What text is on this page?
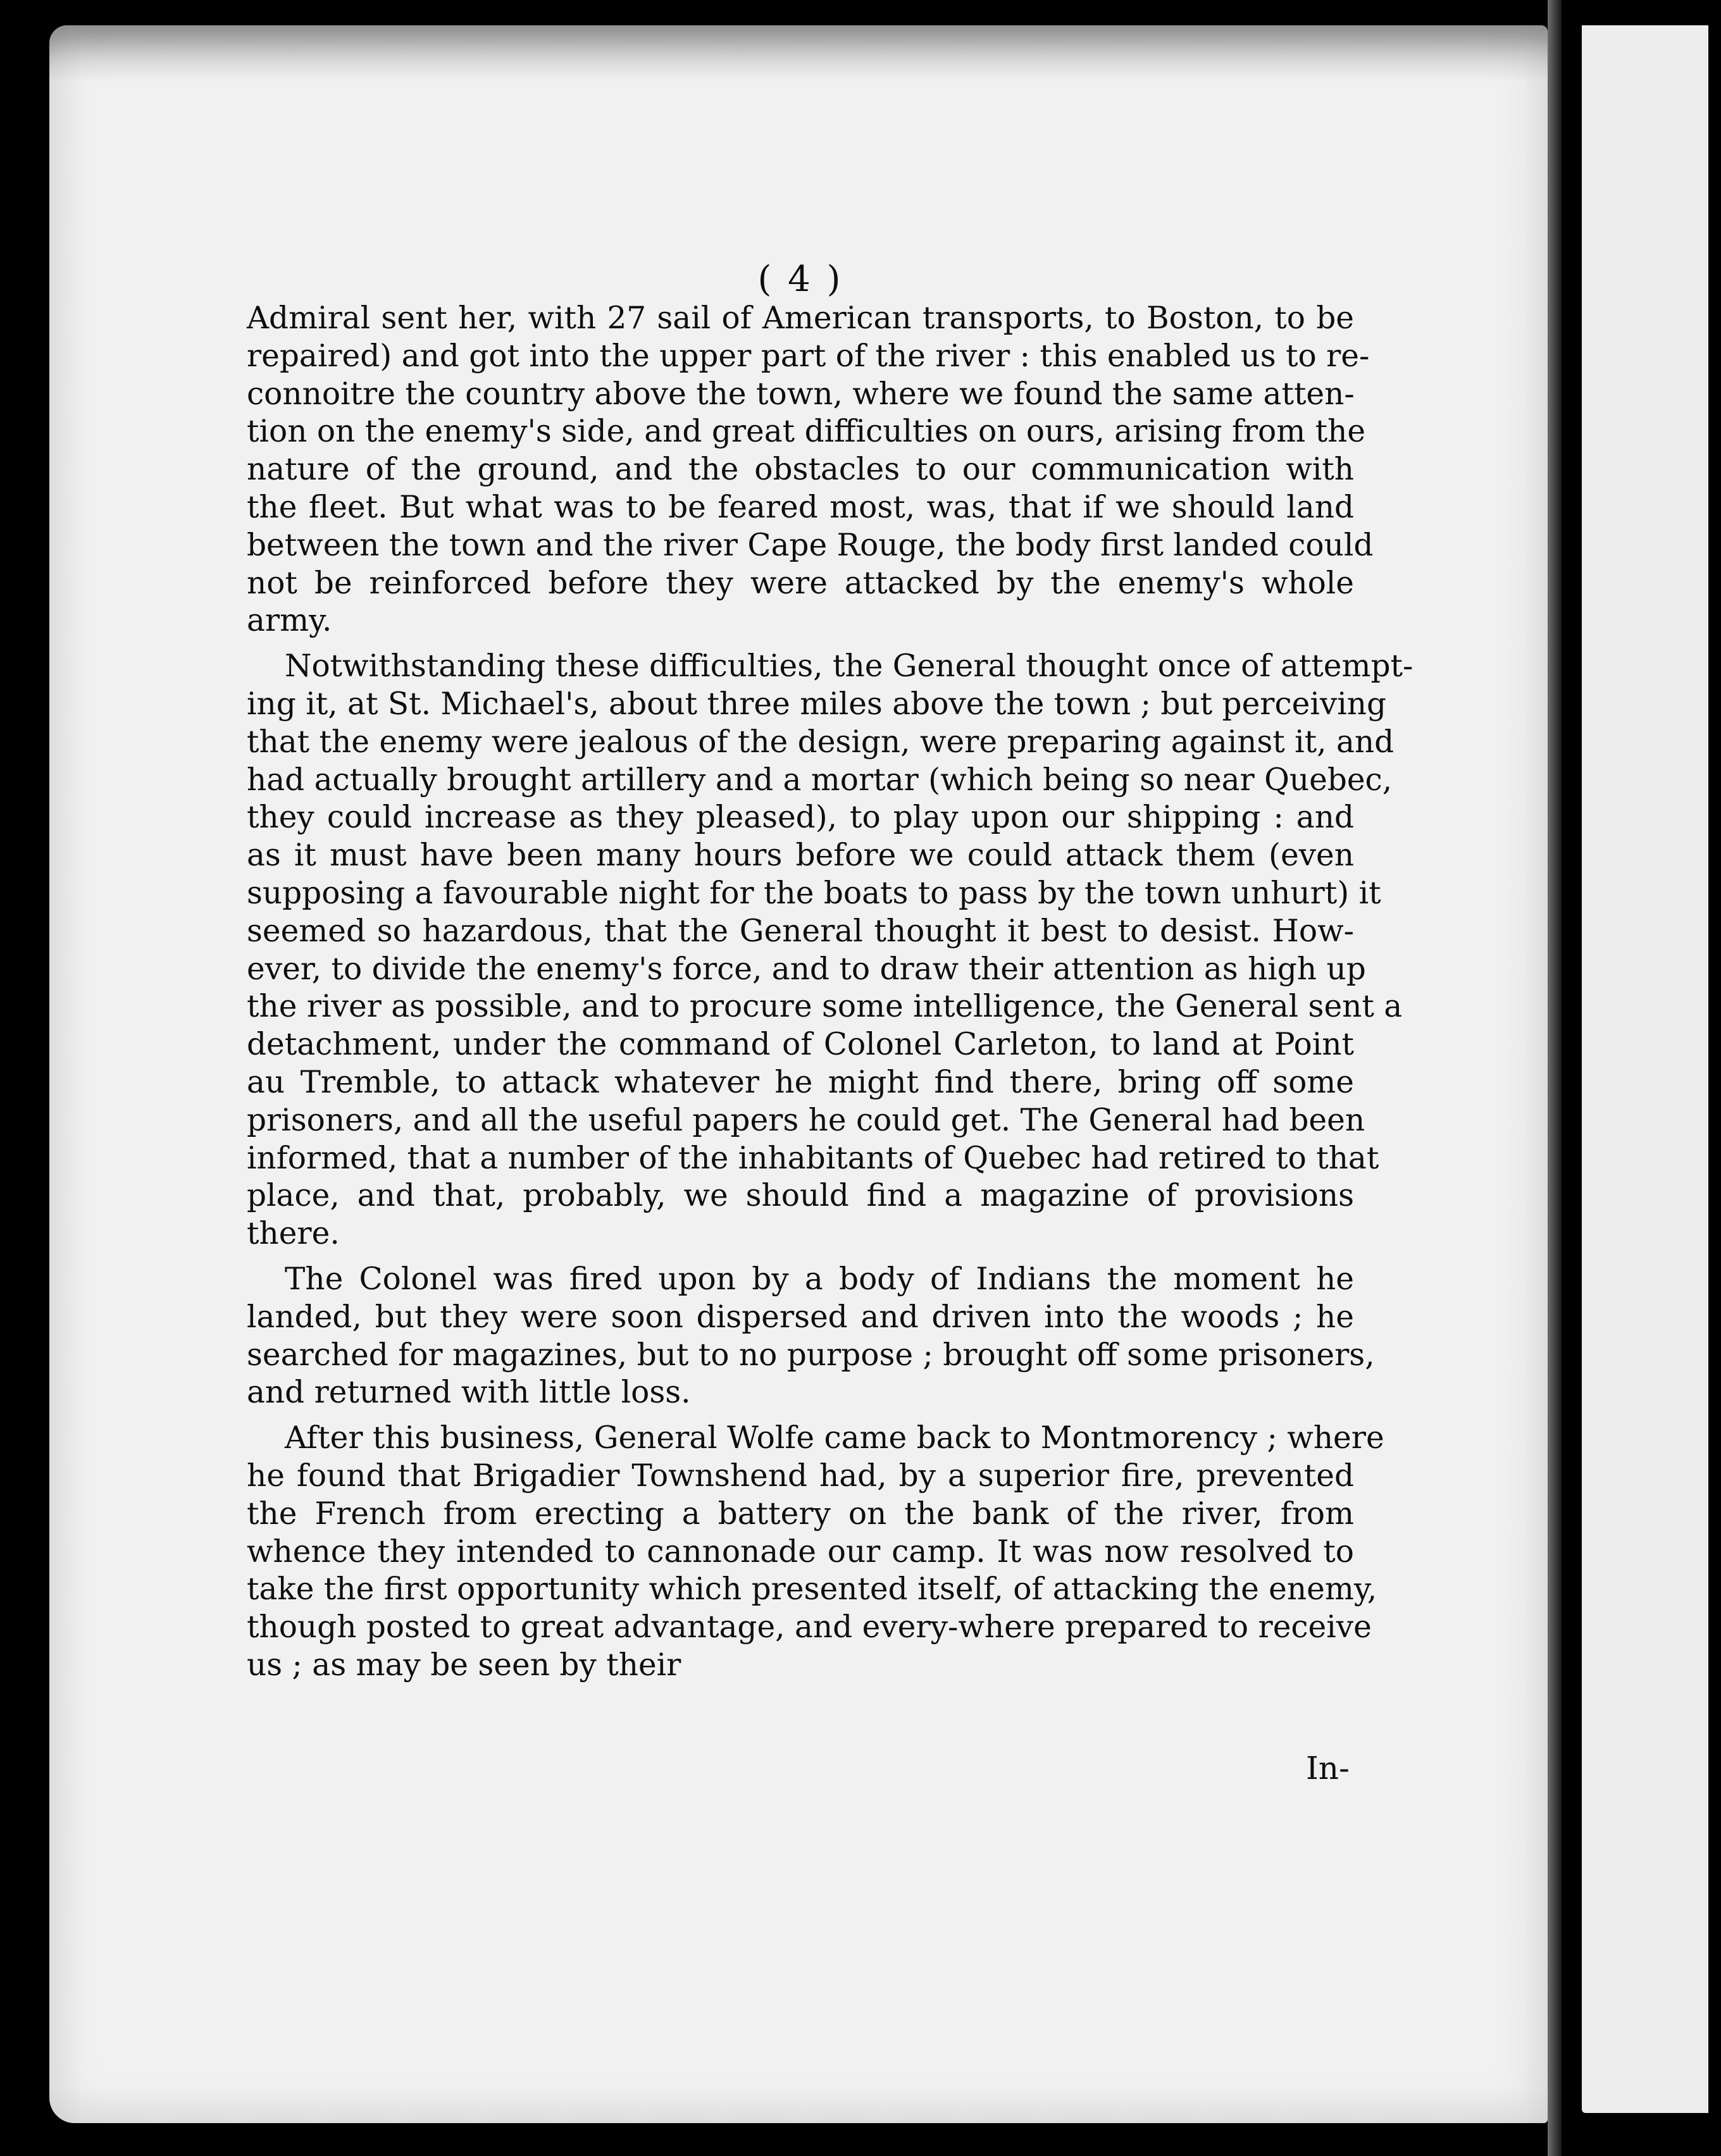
( 4 )
Admiral sent her, with 27 sail of American transports, to Boston, to be
repaired) and got into the upper part of the river : this enabled us to re-
connoitre the country above the town, where we found the same atten-
tion on the enemy's side, and great difficulties on ours, arising from the
nature of the ground, and the obstacles to our communication with
the fleet. But what was to be feared most, was, that if we should land
between the town and the river Cape Rouge, the body first landed could
not be reinforced before they were attacked by the enemy's whole
army.
Notwithstanding these difficulties, the General thought once of attempt-
ing it, at St. Michael's, about three miles above the town ; but perceiving
that the enemy were jealous of the design, were preparing against it, and
had actually brought artillery and a mortar (which being so near Quebec,
they could increase as they pleased), to play upon our shipping : and
as it must have been many hours before we could attack them (even
supposing a favourable night for the boats to pass by the town unhurt) it
seemed so hazardous, that the General thought it best to desist. How-
ever, to divide the enemy's force, and to draw their attention as high up
the river as possible, and to procure some intelligence, the General sent a
detachment, under the command of Colonel Carleton, to land at Point
au Tremble, to attack whatever he might find there, bring off some
prisoners, and all the useful papers he could get. The General had been
informed, that a number of the inhabitants of Quebec had retired to that
place, and that, probably, we should find a magazine of provisions
there.
The Colonel was fired upon by a body of Indians the moment he
landed, but they were soon dispersed and driven into the woods ; he
searched for magazines, but to no purpose ; brought off some prisoners,
and returned with little loss.
After this business, General Wolfe came back to Montmorency ; where
he found that Brigadier Townshend had, by a superior fire, prevented
the French from erecting a battery on the bank of the river, from
whence they intended to cannonade our camp. It was now resolved to
take the first opportunity which presented itself, of attacking the enemy,
though posted to great advantage, and every-where prepared to receive
us ; as may be seen by their
In-
